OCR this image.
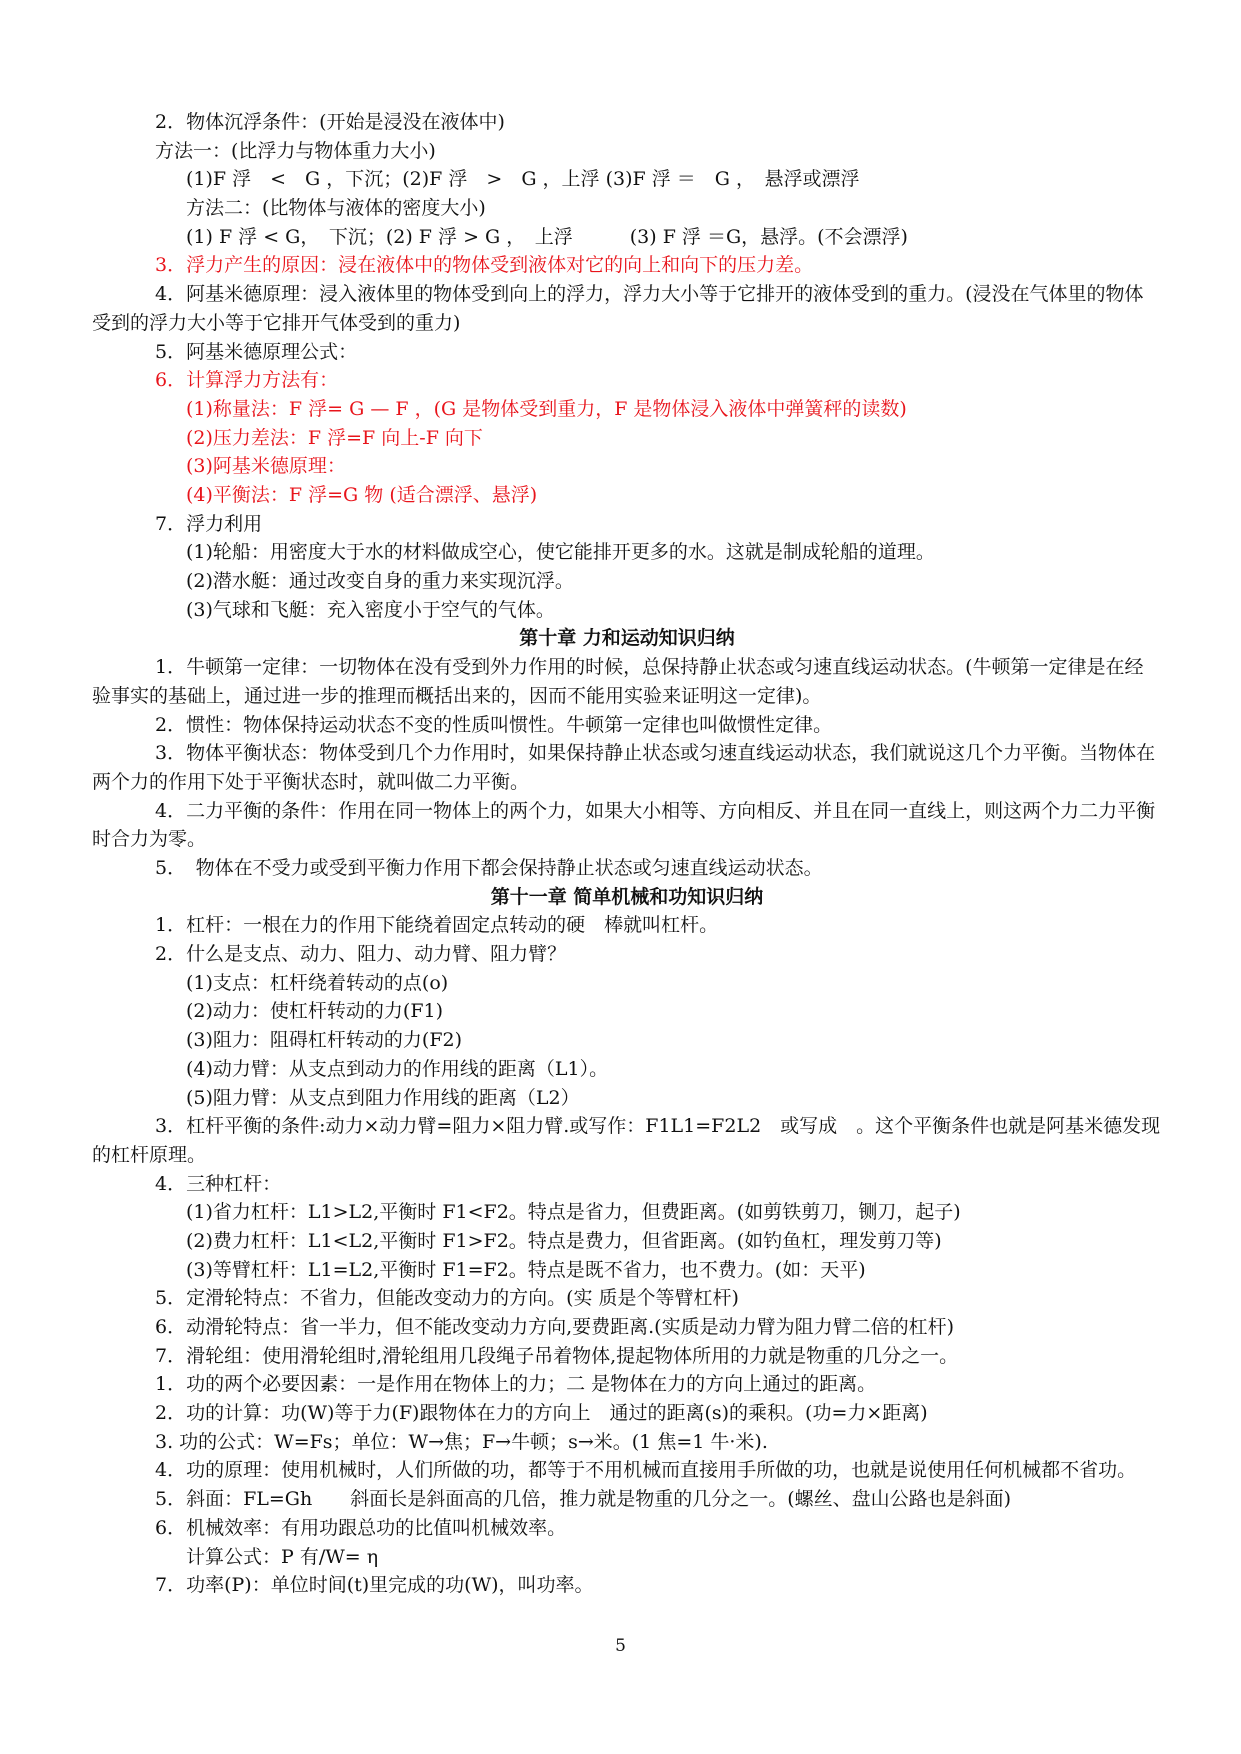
2．物体沉浮条件：(开始是浸没在液体中)
方法一：(比浮力与物体重力大小)
(1)F 浮　<　G ，下沉；(2)F 浮　>　G ，上浮 (3)F 浮 ＝　G ，　悬浮或漂浮
方法二：(比物体与液体的密度大小)
(1) F 浮 < G，　下沉；(2) F 浮 > G ，　上浮　　　(3) F 浮 ＝G，悬浮。(不会漂浮)
3．浮力产生的原因：浸在液体中的物体受到液体对它的向上和向下的压力差。
4．阿基米德原理：浸入液体里的物体受到向上的浮力，浮力大小等于它排开的液体受到的重力。(浸没在气体里的物体受到的浮力大小等于它排开气体受到的重力)
5．阿基米德原理公式：
6．计算浮力方法有：
(1)称量法：F 浮= G — F ，(G 是物体受到重力，F 是物体浸入液体中弹簧秤的读数)
(2)压力差法：F 浮=F 向上-F 向下
(3)阿基米德原理：
(4)平衡法：F 浮=G 物 (适合漂浮、悬浮)
7．浮力利用
(1)轮船：用密度大于水的材料做成空心，使它能排开更多的水。这就是制成轮船的道理。
(2)潜水艇：通过改变自身的重力来实现沉浮。
(3)气球和飞艇：充入密度小于空气的气体。
第十章 力和运动知识归纳
1．牛顿第一定律：一切物体在没有受到外力作用的时候，总保持静止状态或匀速直线运动状态。(牛顿第一定律是在经验事实的基础上，通过进一步的推理而概括出来的，因而不能用实验来证明这一定律)。
2．惯性：物体保持运动状态不变的性质叫惯性。牛顿第一定律也叫做惯性定律。
3．物体平衡状态：物体受到几个力作用时，如果保持静止状态或匀速直线运动状态，我们就说这几个力平衡。当物体在两个力的作用下处于平衡状态时，就叫做二力平衡。
4．二力平衡的条件：作用在同一物体上的两个力，如果大小相等、方向相反、并且在同一直线上，则这两个力二力平衡时合力为零。
5．　物体在不受力或受到平衡力作用下都会保持静止状态或匀速直线运动状态。
第十一章 简单机械和功知识归纳
1．杠杆：一根在力的作用下能绕着固定点转动的硬　棒就叫杠杆。
2．什么是支点、动力、阻力、动力臂、阻力臂？
(1)支点：杠杆绕着转动的点(o)
(2)动力：使杠杆转动的力(F1)
(3)阻力：阻碍杠杆转动的力(F2)
(4)动力臂：从支点到动力的作用线的距离（L1）。
(5)阻力臂：从支点到阻力作用线的距离（L2）
3．杠杆平衡的条件:动力×动力臂=阻力×阻力臂.或写作：F1L1=F2L2　或写成　。这个平衡条件也就是阿基米德发现的杠杆原理。
4．三种杠杆：
(1)省力杠杆：L1>L2,平衡时 F1<F2。特点是省力，但费距离。(如剪铁剪刀，铡刀，起子)
(2)费力杠杆：L1<L2,平衡时 F1>F2。特点是费力，但省距离。(如钓鱼杠，理发剪刀等)
(3)等臂杠杆：L1=L2,平衡时 F1=F2。特点是既不省力，也不费力。(如：天平)
5．定滑轮特点：不省力，但能改变动力的方向。(实 质是个等臂杠杆)
6．动滑轮特点：省一半力，但不能改变动力方向,要费距离.(实质是动力臂为阻力臂二倍的杠杆)
7．滑轮组：使用滑轮组时,滑轮组用几段绳子吊着物体,提起物体所用的力就是物重的几分之一。
1．功的两个必要因素：一是作用在物体上的力；二 是物体在力的方向上通过的距离。
2．功的计算：功(W)等于力(F)跟物体在力的方向上　通过的距离(s)的乘积。(功=力×距离)
3. 功的公式：W=Fs；单位：W→焦；F→牛顿；s→米。(1 焦=1 牛·米).
4．功的原理：使用机械时，人们所做的功，都等于不用机械而直接用手所做的功，也就是说使用任何机械都不省功。
5．斜面：FL=Gh　　斜面长是斜面高的几倍，推力就是物重的几分之一。(螺丝、盘山公路也是斜面)
6．机械效率：有用功跟总功的比值叫机械效率。
计算公式：P 有/W= η
7．功率(P)：单位时间(t)里完成的功(W)，叫功率。
5
